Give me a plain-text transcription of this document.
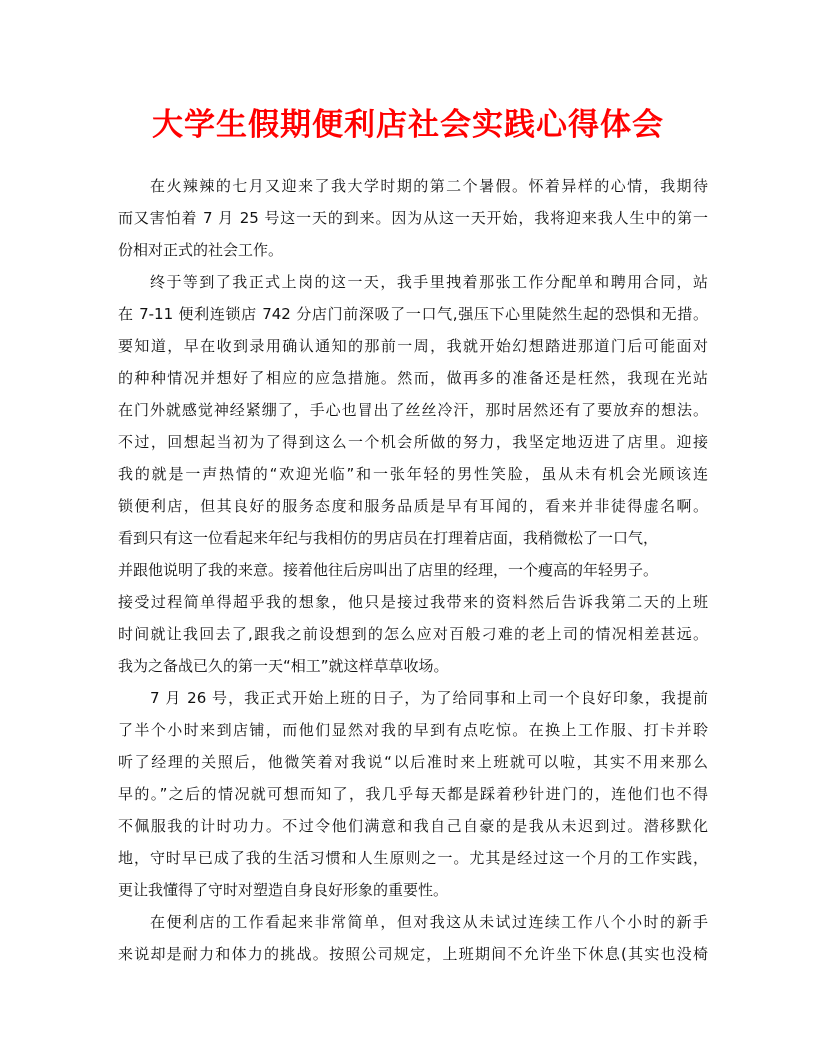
大学生假期便利店社会实践心得体会
在火辣辣的七月又迎来了我大学时期的第二个暑假。怀着异样的心情，我期待
而又害怕着 7 月 25 号这一天的到来。因为从这一天开始，我将迎来我人生中的第一
份相对正式的社会工作。
终于等到了我正式上岗的这一天，我手里拽着那张工作分配单和聘用合同，站
在 7-11 便利连锁店 742 分店门前深吸了一口气,强压下心里陡然生起的恐惧和无措。
要知道，早在收到录用确认通知的那前一周，我就开始幻想踏进那道门后可能面对
的种种情况并想好了相应的应急措施。然而，做再多的准备还是枉然，我现在光站
在门外就感觉神经紧绷了，手心也冒出了丝丝冷汗，那时居然还有了要放弃的想法。
不过，回想起当初为了得到这么一个机会所做的努力，我坚定地迈进了店里。迎接
我的就是一声热情的“欢迎光临”和一张年轻的男性笑脸，虽从未有机会光顾该连
锁便利店，但其良好的服务态度和服务品质是早有耳闻的，看来并非徒得虚名啊。
看到只有这一位看起来年纪与我相仿的男店员在打理着店面，我稍微松了一口气，
并跟他说明了我的来意。接着他往后房叫出了店里的经理，一个瘦高的年轻男子。
接受过程简单得超乎我的想象，他只是接过我带来的资料然后告诉我第二天的上班
时间就让我回去了,跟我之前设想到的怎么应对百般刁难的老上司的情况相差甚远。
我为之备战已久的第一天“相工”就这样草草收场。
7 月 26 号，我正式开始上班的日子，为了给同事和上司一个良好印象，我提前
了半个小时来到店铺，而他们显然对我的早到有点吃惊。在换上工作服、打卡并聆
听了经理的关照后，他微笑着对我说“以后准时来上班就可以啦，其实不用来那么
早的。”之后的情况就可想而知了，我几乎每天都是踩着秒针进门的，连他们也不得
不佩服我的计时功力。不过令他们满意和我自己自豪的是我从未迟到过。潜移默化
地，守时早已成了我的生活习惯和人生原则之一。尤其是经过这一个月的工作实践，
更让我懂得了守时对塑造自身良好形象的重要性。
在便利店的工作看起来非常简单，但对我这从未试过连续工作八个小时的新手
来说却是耐力和体力的挑战。按照公司规定，上班期间不允许坐下休息(其实也没椅
